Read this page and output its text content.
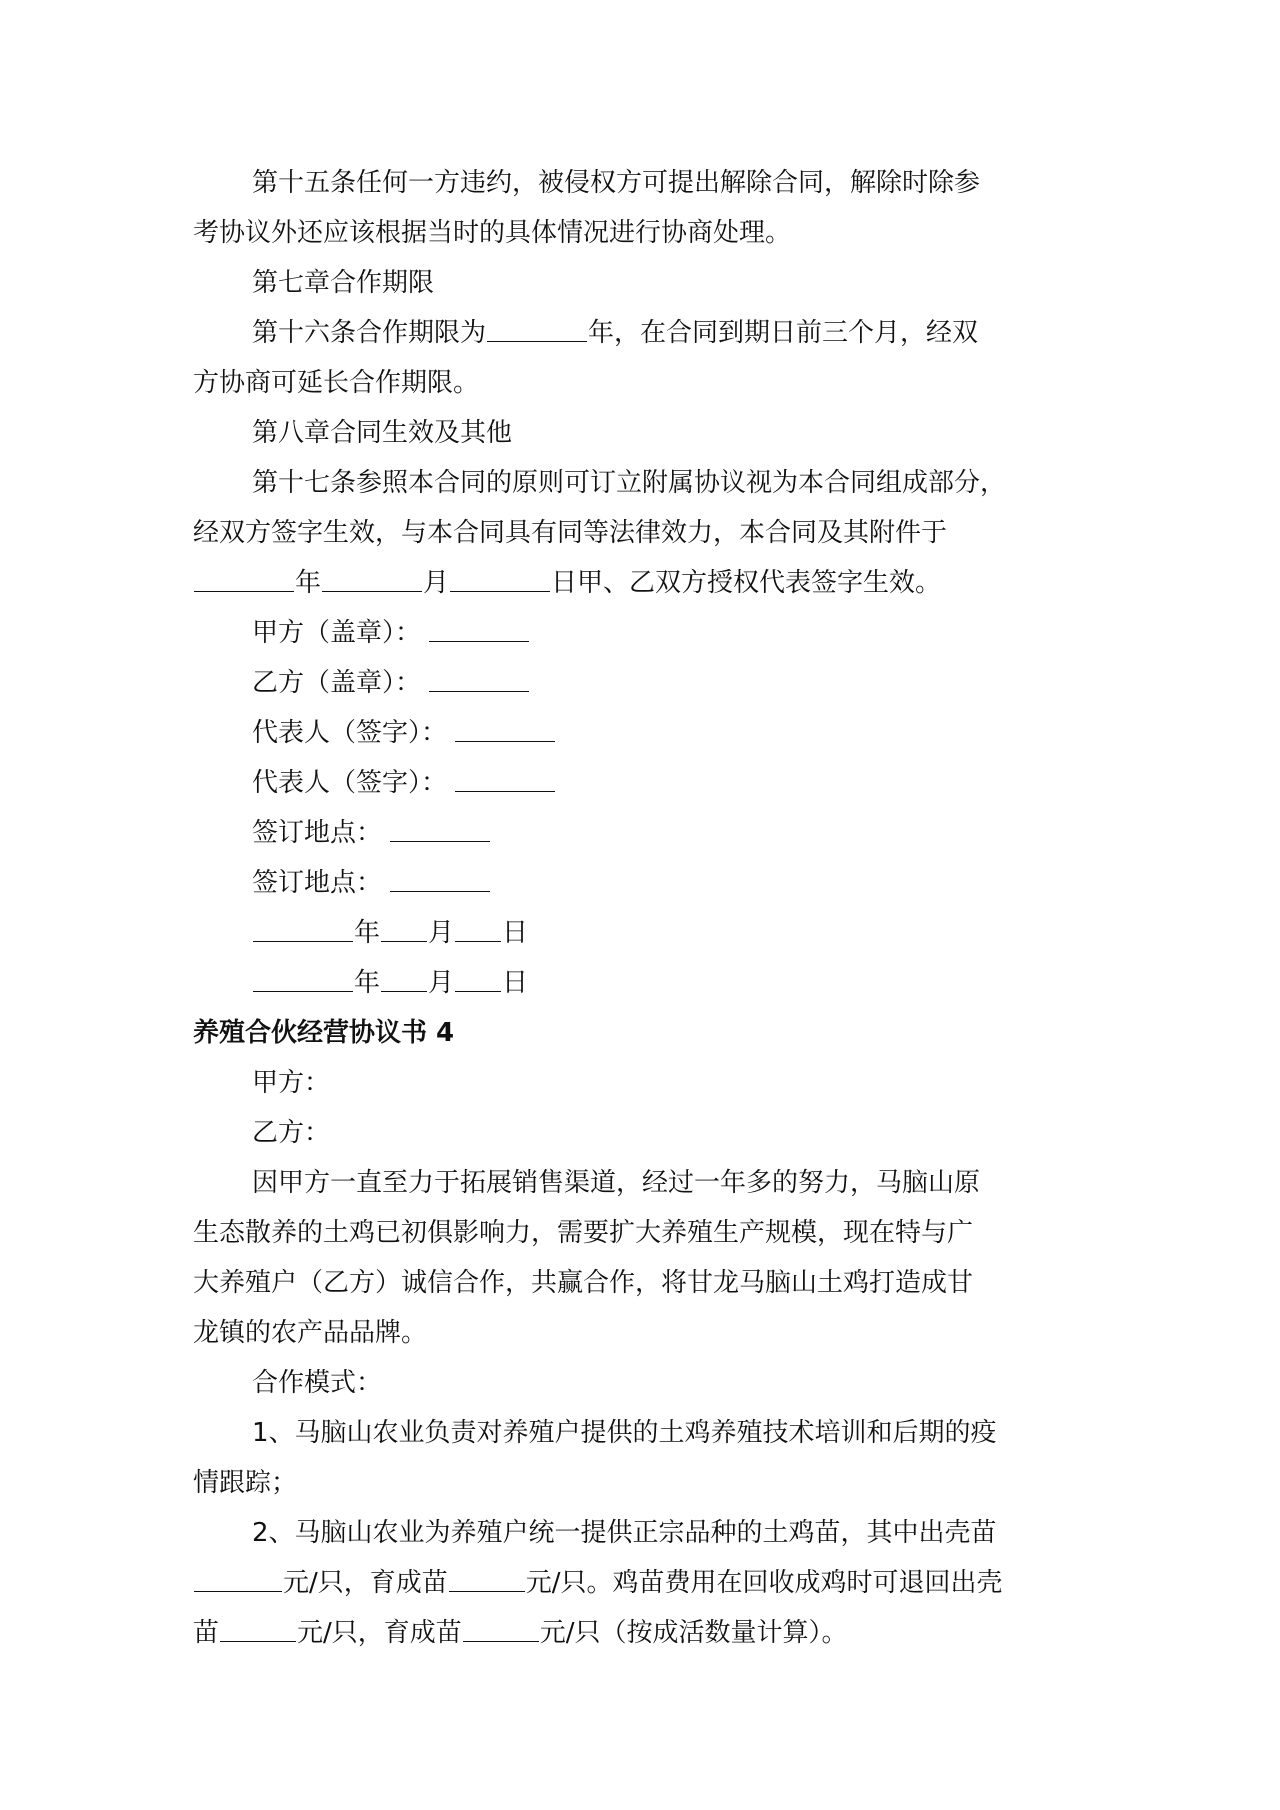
第十五条任何一方违约，被侵权方可提出解除合同，解除时除参
考协议外还应该根据当时的具体情况进行协商处理。

第七章合作期限

第十六条合作期限为	年，在合同到期日前三个月，经双
方协商可延长合作期限。

第八章合同生效及其他

第十七条参照本合同的原则可订立附属协议视为本合同组成部分，
经双方签字生效，与本合同具有同等法律效力，本合同及其附件于
年	月	日甲、乙双方授权代表签字生效。

甲方（盖章）：

乙方（盖章）：

代表人（签字）：

代表人（签字）：

签订地点：

签订地点：

年 月 日

年 月 日

养殖合伙经营协议书 4

甲方：

乙方：

因甲方一直至力于拓展销售渠道，经过一年多的努力，马脑山原
生态散养的土鸡已初俱影响力，需要扩大养殖生产规模，现在特与广
大养殖户（乙方）诚信合作，共赢合作，将甘龙马脑山土鸡打造成甘
龙镇的农产品品牌。

合作模式：

1、马脑山农业负责对养殖户提供的土鸡养殖技术培训和后期的疫
情跟踪；

2、马脑山农业为养殖户统一提供正宗品种的土鸡苗，其中出壳苗
元/只，育成苗	元/只。鸡苗费用在回收成鸡时可退回出壳
苗	元/只，育成苗	元/只（按成活数量计算）。
